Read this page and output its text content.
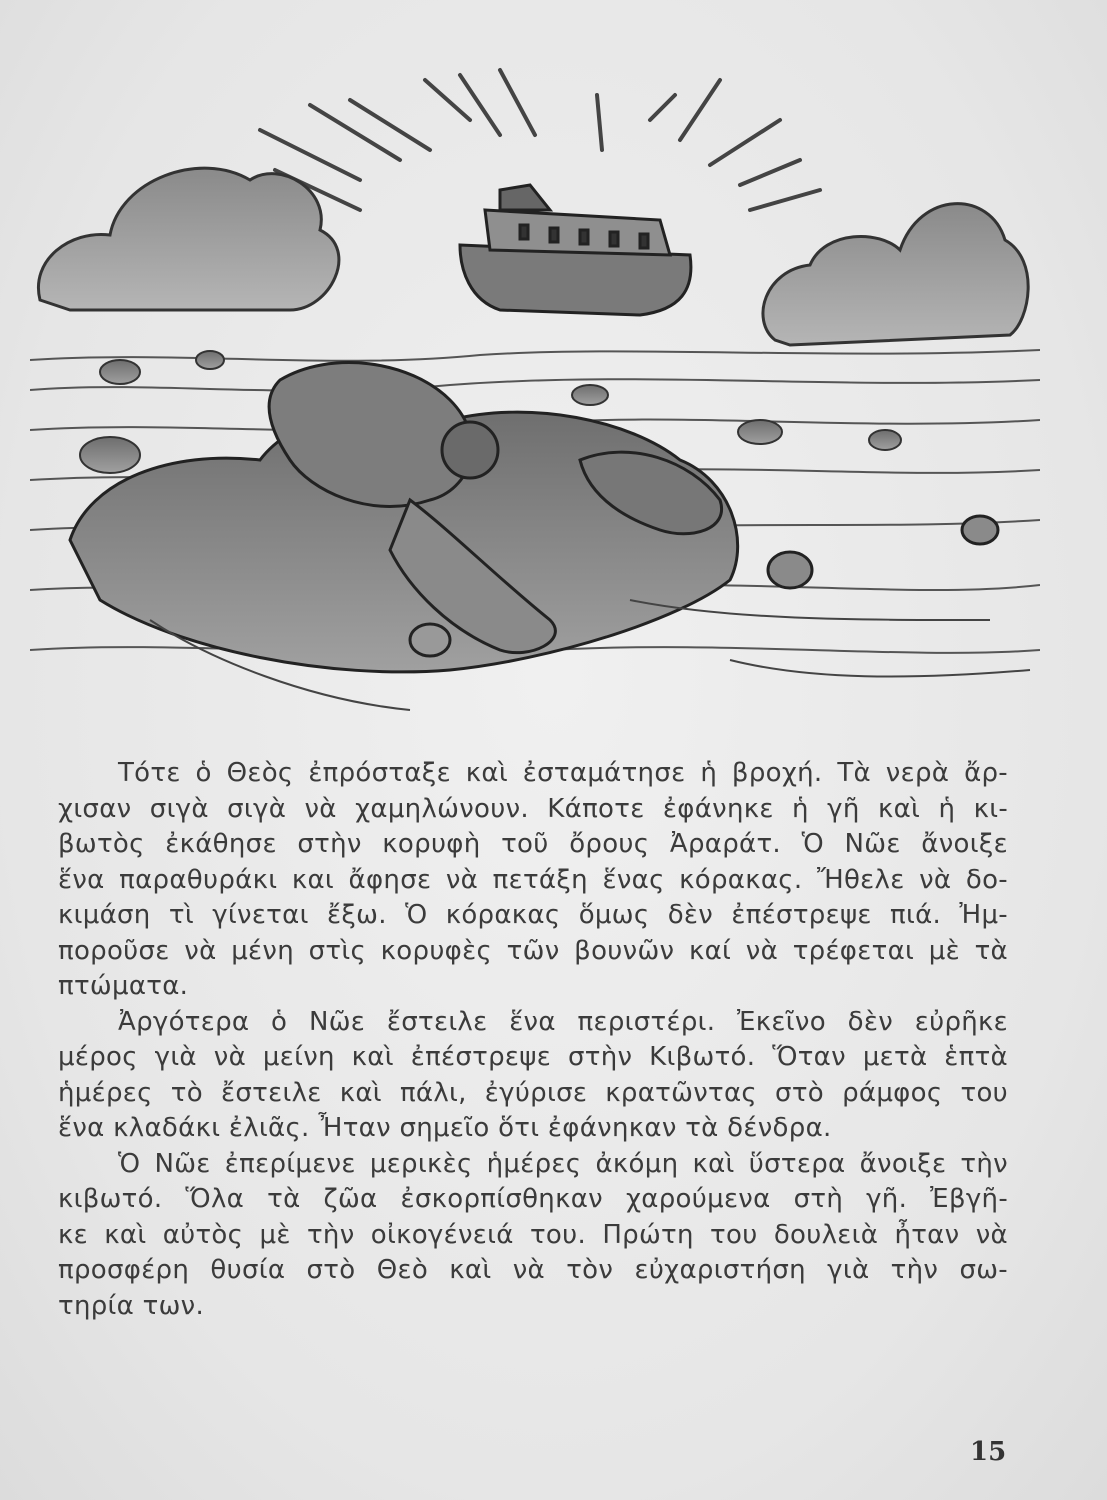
Τότε ὁ Θεὸς ἐπρόσταξε καὶ ἐσταμάτησε ἡ βροχή. Τὰ νερὰ ἄρ-
χισαν σιγὰ σιγὰ νὰ χαμηλώνουν. Κάποτε ἐφάνηκε ἡ γῆ καὶ ἡ κι-
βωτὸς ἐκάθησε στὴν κορυφὴ τοῦ ὄρους Ἀραράτ. Ὁ Νῶε ἄνοιξε
ἕνα παραθυράκι και ἄφησε νὰ πετάξη ἕνας κόρακας. Ἤθελε νὰ δο-
κιμάση τὶ γίνεται ἔξω. Ὁ κόρακας ὅμως δὲν ἐπέστρεψε πιά. Ἠμ-
ποροῦσε νὰ μένη στὶς κορυφὲς τῶν βουνῶν καί νὰ τρέφεται μὲ τὰ
πτώματα.

Ἀργότερα ὁ Νῶε ἔστειλε ἕνα περιστέρι. Ἐκεῖνο δὲν εὐρῆκε
μέρος γιὰ νὰ μείνη καὶ ἐπέστρεψε στὴν Κιβωτό. Ὅταν μετὰ ἑπτὰ
ἡμέρες τὸ ἔστειλε καὶ πάλι, ἐγύρισε κρατῶντας στὸ ράμφος του
ἕνα κλαδάκι ἐλιᾶς. Ἦταν σημεῖο ὅτι ἐφάνηκαν τὰ δένδρα.

Ὁ Νῶε ἐπερίμενε μερικὲς ἡμέρες ἀκόμη καὶ ὕστερα ἄνοιξε τὴν
κιβωτό. Ὅλα τὰ ζῶα ἐσκορπίσθηκαν χαρούμενα στὴ γῆ. Ἐβγῆ-
κε καὶ αὐτὸς μὲ τὴν οἰκογένειά του. Πρώτη του δουλειὰ ἦταν νὰ
προσφέρη θυσία στὸ Θεὸ καὶ νὰ τὸν εὐχαριστήση γιὰ τὴν σω-
τηρία των.

15
